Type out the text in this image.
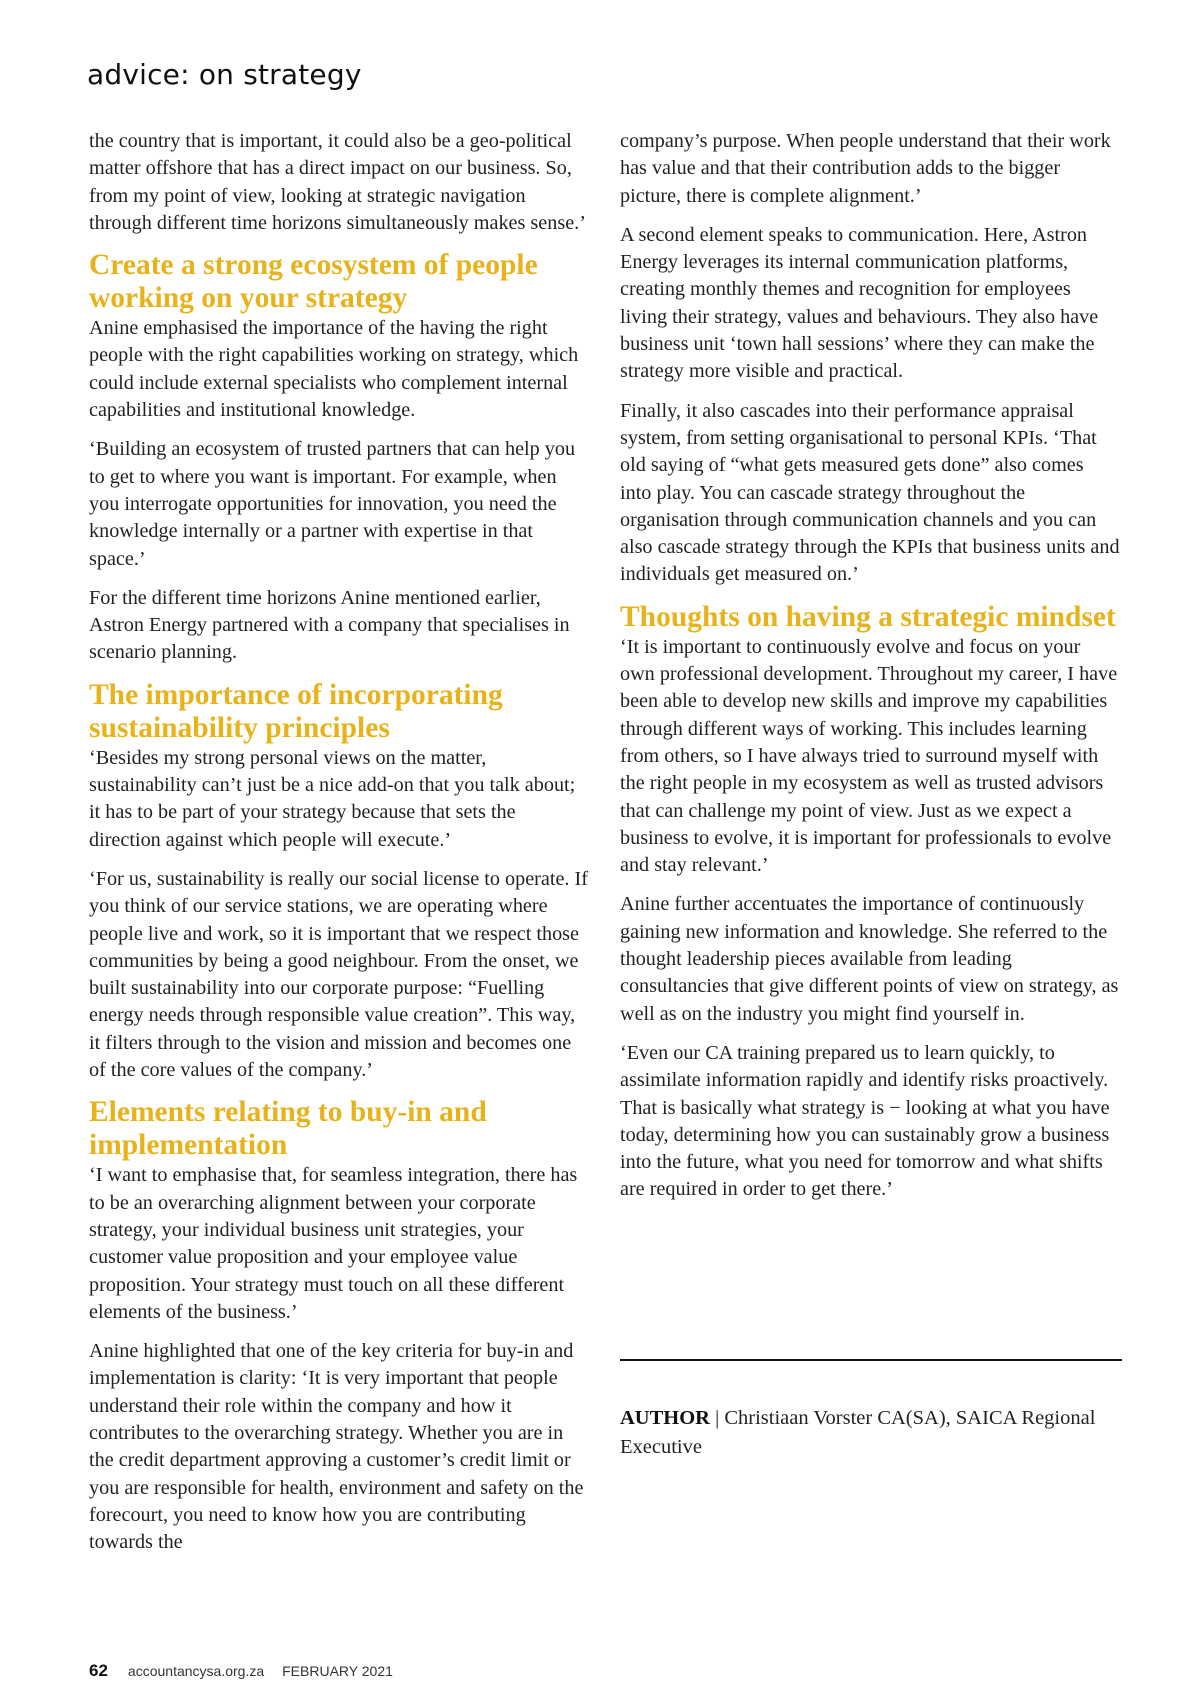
advice: on strategy

the country that is important, it could also be a geo-political matter offshore that has a direct impact on our business. So, from my point of view, looking at strategic navigation through different time horizons simultaneously makes sense.’

Create a strong ecosystem of people working on your strategy

Anine emphasised the importance of the having the right people with the right capabilities working on strategy, which could include external specialists who complement internal capabilities and institutional knowledge.

‘Building an ecosystem of trusted partners that can help you to get to where you want is important. For example, when you interrogate opportunities for innovation, you need the knowledge internally or a partner with expertise in that space.’

For the different time horizons Anine mentioned earlier, Astron Energy partnered with a company that specialises in scenario planning.

The importance of incorporating sustainability principles

‘Besides my strong personal views on the matter, sustainability can’t just be a nice add-on that you talk about; it has to be part of your strategy because that sets the direction against which people will execute.’

‘For us, sustainability is really our social license to operate. If you think of our service stations, we are operating where people live and work, so it is important that we respect those communities by being a good neighbour. From the onset, we built sustainability into our corporate purpose: “Fuelling energy needs through responsible value creation”. This way, it filters through to the vision and mission and becomes one of the core values of the company.’

Elements relating to buy-in and implementation

‘I want to emphasise that, for seamless integration, there has to be an overarching alignment between your corporate strategy, your individual business unit strategies, your customer value proposition and your employee value proposition. Your strategy must touch on all these different elements of the business.’

Anine highlighted that one of the key criteria for buy-in and implementation is clarity: ‘It is very important that people understand their role within the company and how it contributes to the overarching strategy. Whether you are in the credit department approving a customer’s credit limit or you are responsible for health, environment and safety on the forecourt, you need to know how you are contributing towards the

company’s purpose. When people understand that their work has value and that their contribution adds to the bigger picture, there is complete alignment.’

A second element speaks to communication. Here, Astron Energy leverages its internal communication platforms, creating monthly themes and recognition for employees living their strategy, values and behaviours. They also have business unit ‘town hall sessions’ where they can make the strategy more visible and practical.

Finally, it also cascades into their performance appraisal system, from setting organisational to personal KPIs. ‘That old saying of “what gets measured gets done” also comes into play. You can cascade strategy throughout the organisation through communication channels and you can also cascade strategy through the KPIs that business units and individuals get measured on.’

Thoughts on having a strategic mindset

‘It is important to continuously evolve and focus on your own professional development. Throughout my career, I have been able to develop new skills and improve my capabilities through different ways of working. This includes learning from others, so I have always tried to surround myself with the right people in my ecosystem as well as trusted advisors that can challenge my point of view. Just as we expect a business to evolve, it is important for professionals to evolve and stay relevant.’

Anine further accentuates the importance of continuously gaining new information and knowledge. She referred to the thought leadership pieces available from leading consultancies that give different points of view on strategy, as well as on the industry you might find yourself in.

‘Even our CA training prepared us to learn quickly, to assimilate information rapidly and identify risks proactively. That is basically what strategy is − looking at what you have today, determining how you can sustainably grow a business into the future, what you need for tomorrow and what shifts are required in order to get there.’

AUTHOR | Christiaan Vorster CA(SA), SAICA Regional Executive
62 accountancysa.org.za FEBRUARY 2021
